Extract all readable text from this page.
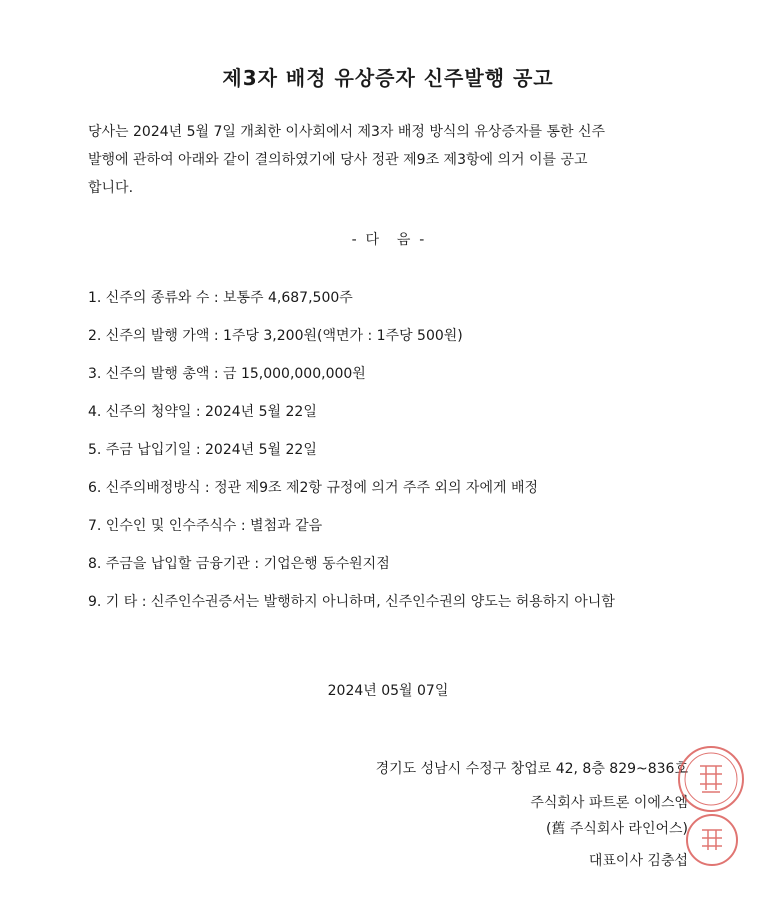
제3자 배정 유상증자 신주발행 공고
당사는 2024년 5월 7일 개최한 이사회에서 제3자 배정 방식의 유상증자를 통한 신주
발행에 관하여 아래와 같이 결의하였기에 당사 정관 제9조 제3항에 의거 이를 공고
합니다.
-  다    음  -
1. 신주의 종류와 수 : 보통주 4,687,500주
2. 신주의 발행 가액 : 1주당 3,200원(액면가 : 1주당 500원)
3. 신주의 발행 총액 : 금 15,000,000,000원
4. 신주의 청약일 : 2024년 5월 22일
5. 주금 납입기일 : 2024년 5월 22일
6. 신주의배정방식 : 정관 제9조 제2항 규정에 의거 주주 외의 자에게 배정
7. 인수인 및 인수주식수 : 별첨과 같음
8. 주금을 납입할 금융기관 : 기업은행 동수원지점
9. 기 타 : 신주인수권증서는 발행하지 아니하며, 신주인수권의 양도는 허용하지 아니함
2024년 05월 07일
경기도 성남시 수정구 창업로 42, 8층 829~836호
주식회사 파트론 이에스엠
(舊 주식회사 라인어스)
대표이사 김충섭
